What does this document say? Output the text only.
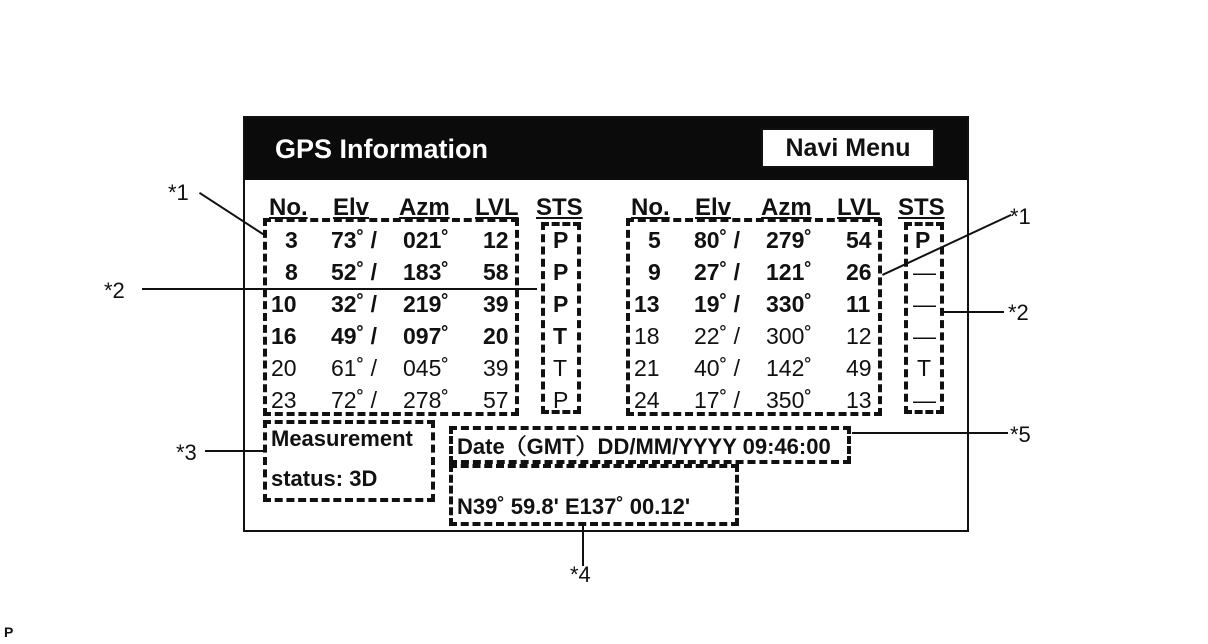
GPS Information	Navi Menu
No. Elv Azm LVL STS No. Elv Azm LVL STS
3 73˚ / 021˚ 12 P
8 52˚ / 183˚ 58 P
10 32˚ / 219˚ 39 P
16 49˚ / 097˚ 20 T
20 61˚ / 045˚ 39 T
23 72˚ / 278˚ 57 P
5 80˚ / 279˚ 54 P
9 27˚ / 121˚ 26 —
13 19˚ / 330˚ 11 —
18 22˚ / 300˚ 12 —
21 40˚ / 142˚ 49 T
24 17˚ / 350˚ 13 —
Measurement
status: 3D
Date（GMT）DD/MM/YYYY 09:46:00
N39˚ 59.8' E137˚ 00.12'
*1
*2
*3
*4
*5
*1
*2
P
